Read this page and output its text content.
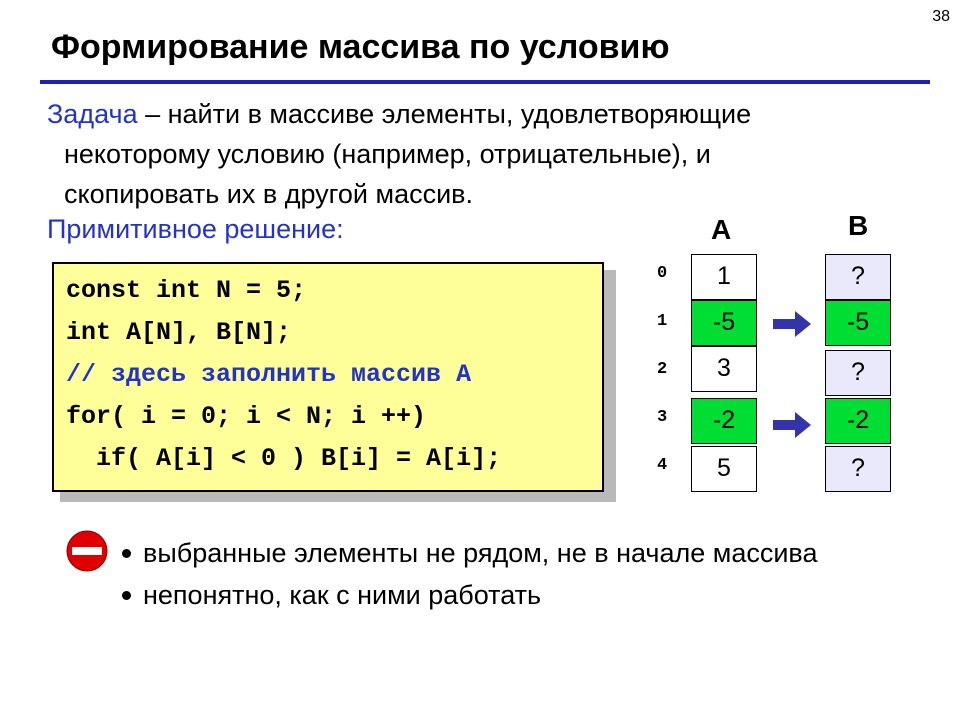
38
Формирование массива по условию
Задача – найти в массиве элементы, удовлетворяющие
некоторому условию (например, отрицательные), и
скопировать их в другой массив.
Примитивное решение:
const int N = 5;
int A[N], B[N];
// здесь заполнить массив A
for( i = 0; i < N; i ++)
if( A[i] < 0 ) B[i] = A[i];
A
0
1
2
3
4
1
-5
3
-2
5
B
?
-5
?
-2
?
выбранные элементы не рядом, не в начале массива
непонятно, как с ними работать
